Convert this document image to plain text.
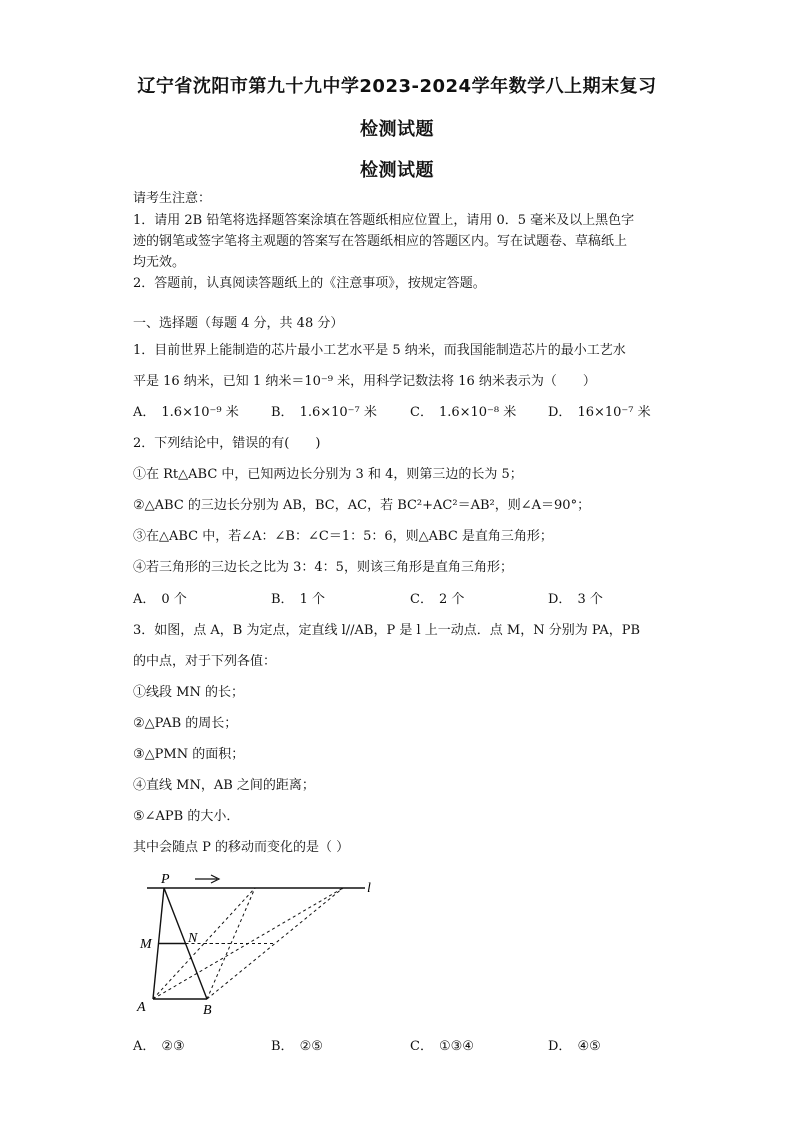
辽宁省沈阳市第九十九中学2023-2024学年数学八上期末复习
检测试题
检测试题
请考生注意：
1．请用 2B 铅笔将选择题答案涂填在答题纸相应位置上，请用 0．5 毫米及以上黑色字
迹的钢笔或签字笔将主观题的答案写在答题纸相应的答题区内。写在试题卷、草稿纸上
均无效。
2．答题前，认真阅读答题纸上的《注意事项》，按规定答题。
一、选择题（每题 4 分，共 48 分）
1．目前世界上能制造的芯片最小工艺水平是 5 纳米，而我国能制造芯片的最小工艺水
平是 16 纳米，已知 1 纳米＝10⁻⁹ 米，用科学记数法将 16 纳米表示为（　　）
A． 1.6×10⁻⁹ 米 B． 1.6×10⁻⁷ 米	C． 1.6×10⁻⁸ 米 D． 16×10⁻⁷ 米
2．下列结论中，错误的有(　　)
①在 Rt△ABC 中，已知两边长分别为 3 和 4，则第三边的长为 5；
②△ABC 的三边长分别为 AB，BC，AC，若 BC²+AC²＝AB²，则∠A＝90°；
③在△ABC 中，若∠A：∠B：∠C＝1：5：6，则△ABC 是直角三角形；
④若三角形的三边长之比为 3：4：5，则该三角形是直角三角形；
A． 0 个	B． 1 个	C． 2 个	D． 3 个
3．如图，点 A，B 为定点，定直线 l//AB，P 是 l 上一动点．点 M，N 分别为 PA，PB
的中点，对于下列各值：
①线段 MN 的长；
②△PAB 的周长；
③△PMN 的面积；
④直线 MN，AB 之间的距离；
⑤∠APB 的大小．
其中会随点 P 的移动而变化的是（ ）
P
l
M	N
A	B
A． ②③	B． ②⑤	C． ①③④	D． ④⑤
